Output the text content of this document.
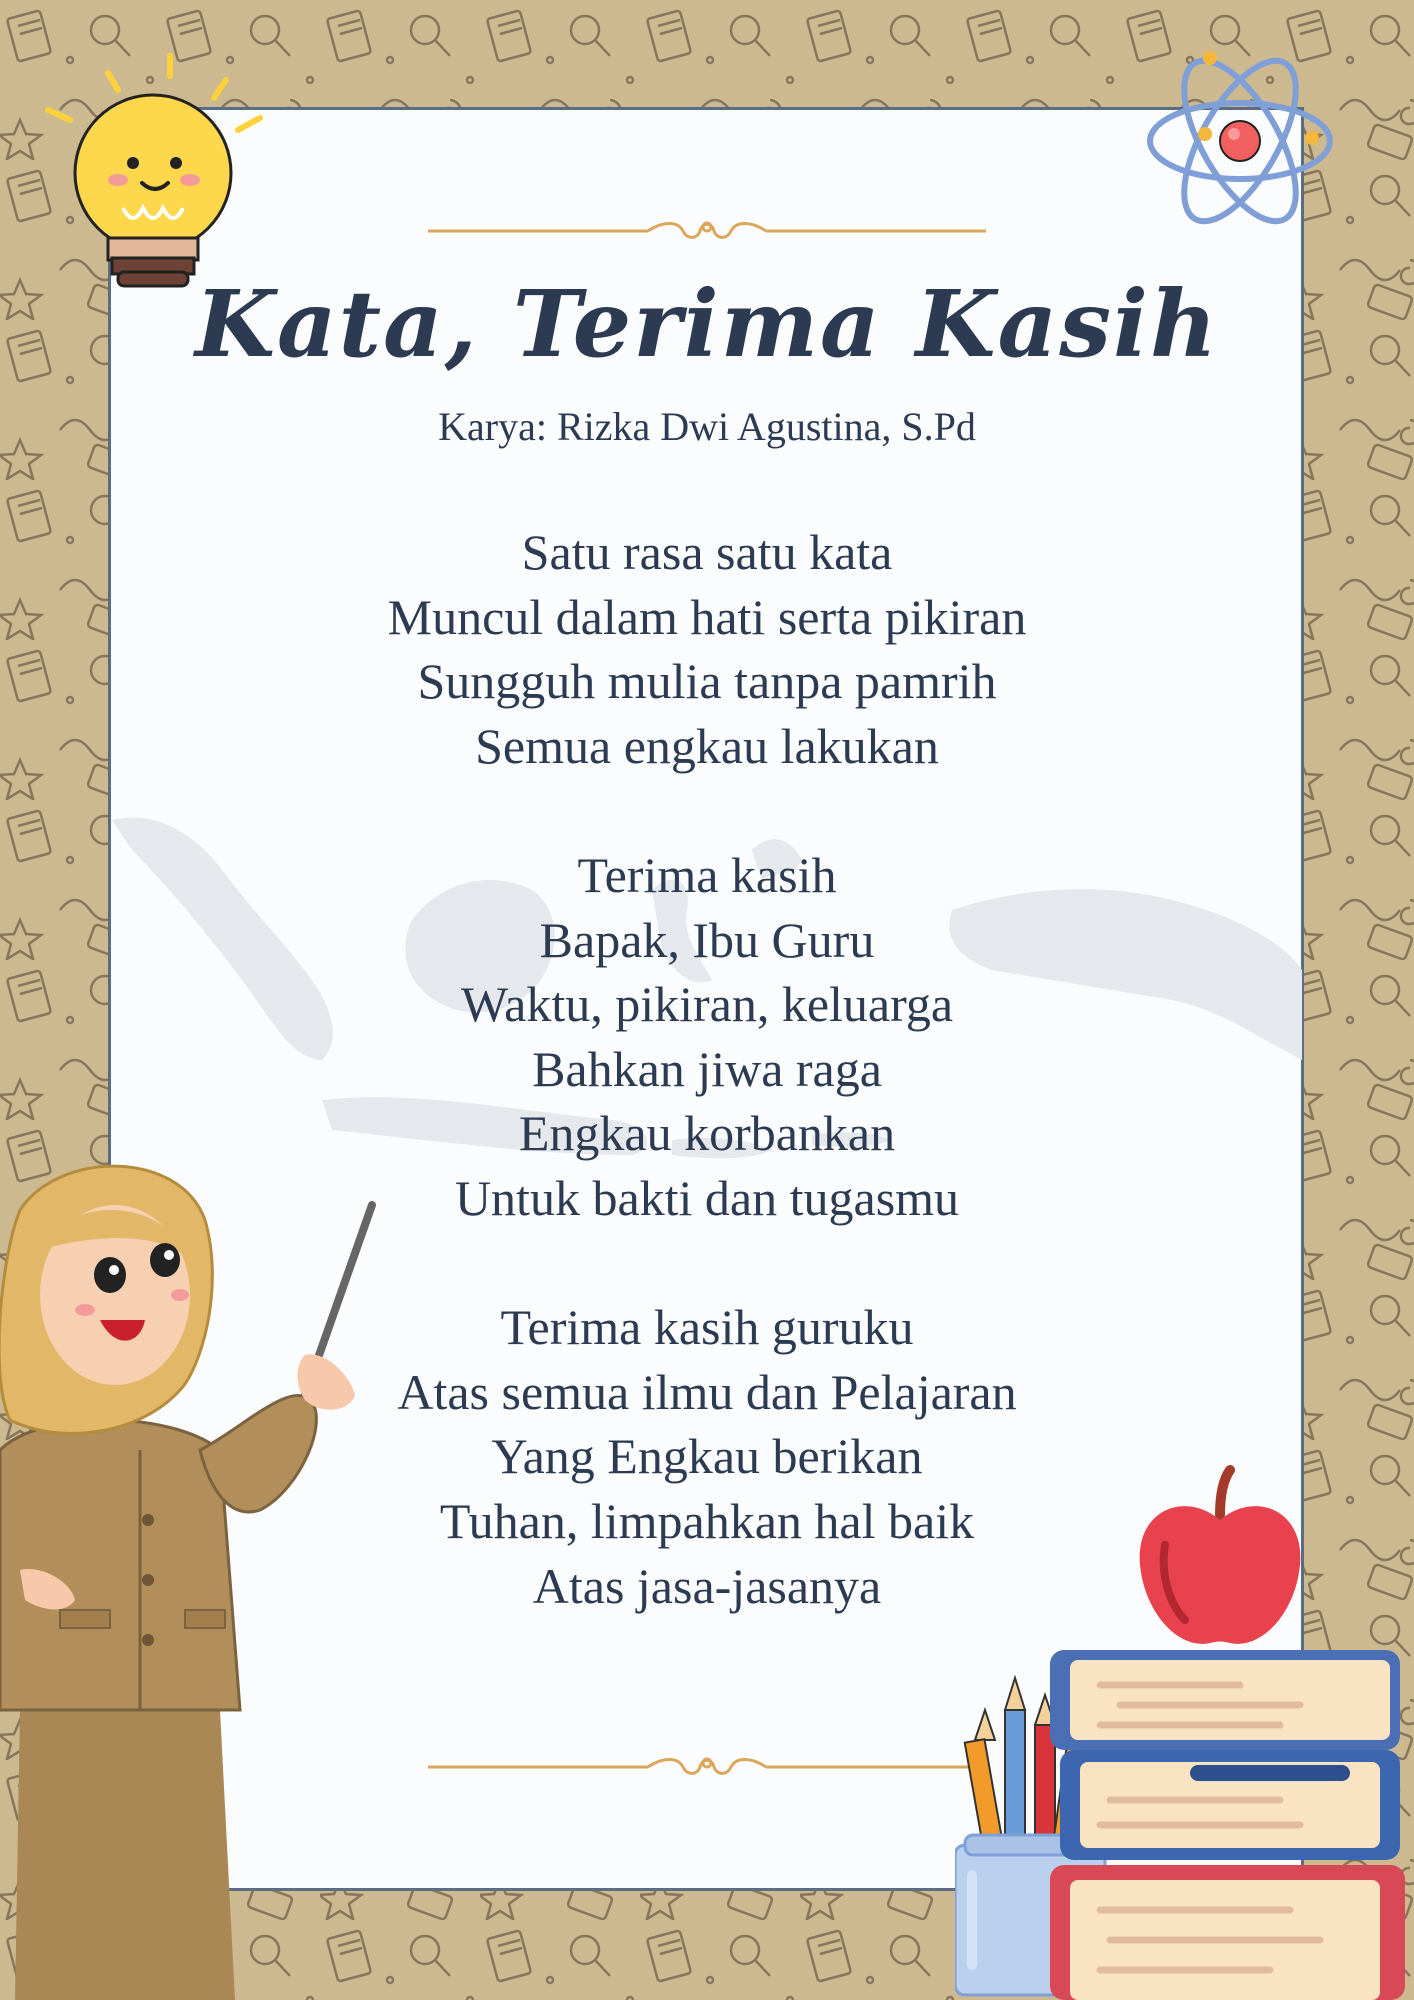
Kata, Terima Kasih
Karya: Rizka Dwi Agustina, S.Pd
Satu rasa satu kata
Muncul dalam hati serta pikiran
Sungguh mulia tanpa pamrih
Semua engkau lakukan
Terima kasih
Bapak, Ibu Guru
Waktu, pikiran, keluarga
Bahkan jiwa raga
Engkau korbankan
Untuk bakti dan tugasmu
Terima kasih guruku
Atas semua ilmu dan Pelajaran
Yang Engkau berikan
Tuhan, limpahkan hal baik
Atas jasa-jasanya
